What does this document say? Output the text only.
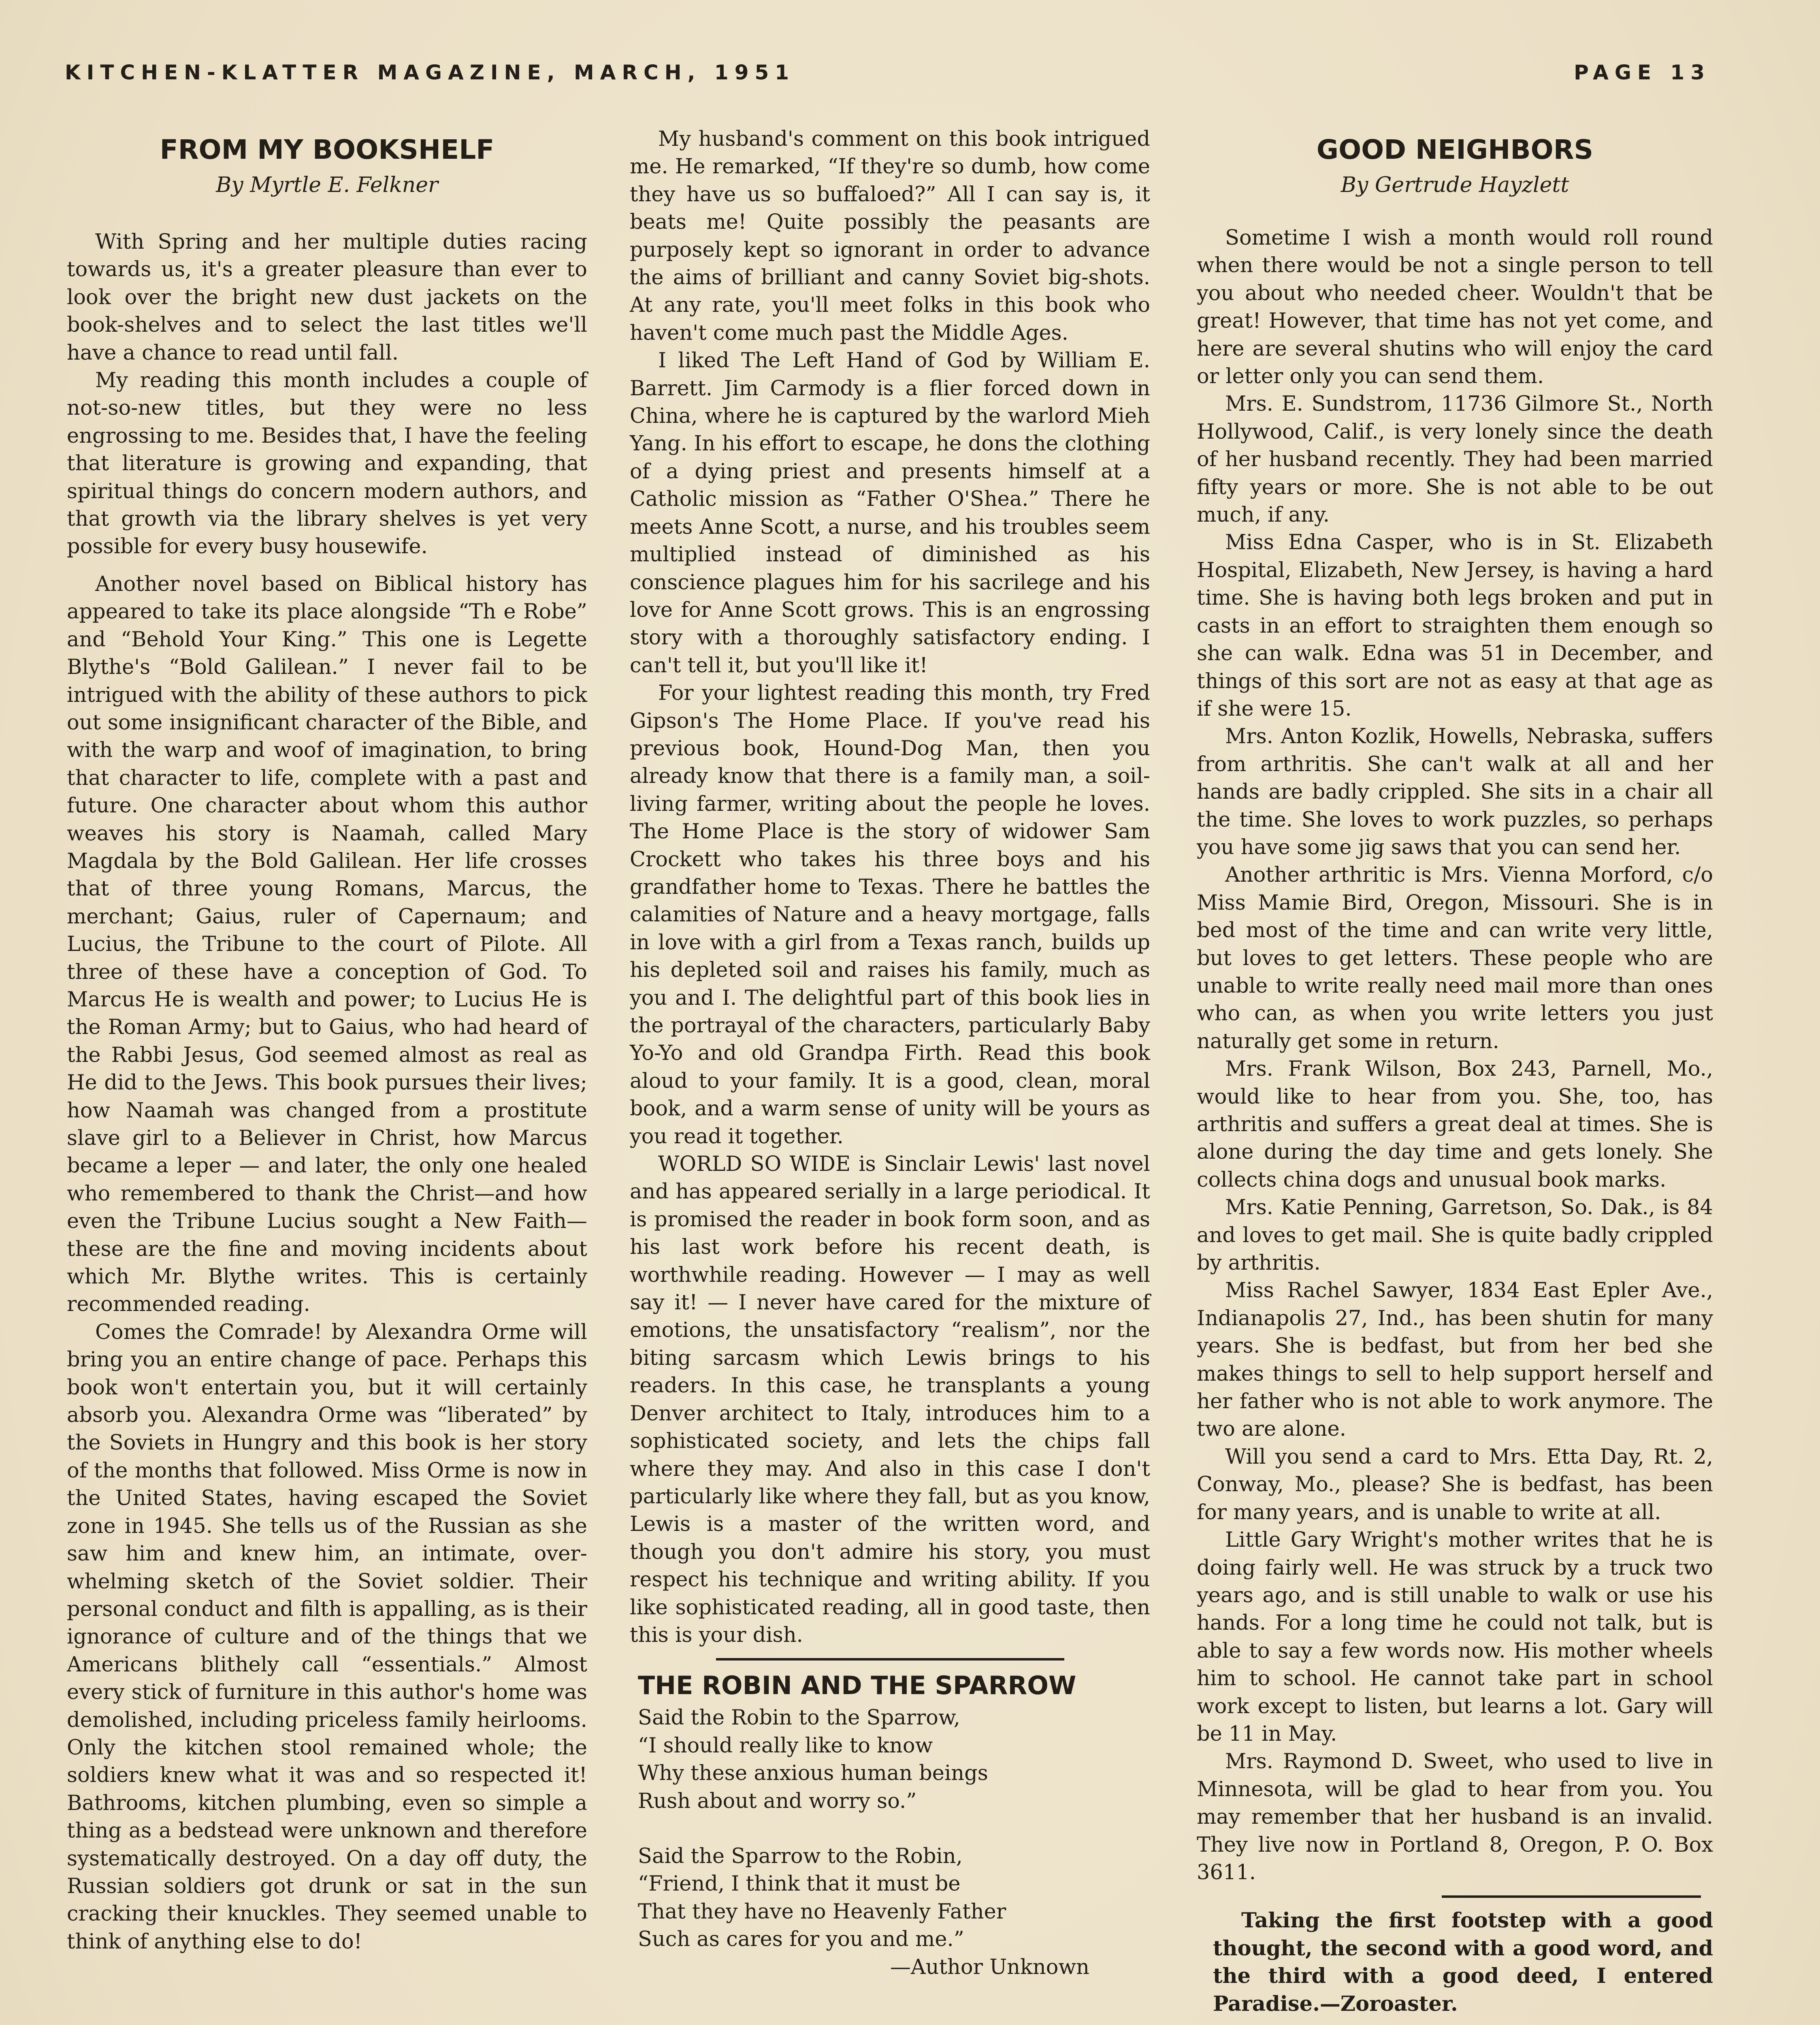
KITCHEN-KLATTER MAGAZINE, MARCH, 1951	PAGE 13
FROM MY BOOKSHELF
By Myrtle E. Felkner

With Spring and her multiple duties racing towards us, it's a greater pleasure than ever to look over the bright new dust jackets on the book-shelves and to select the last titles we'll have a chance to read until fall.

My reading this month includes a couple of not-so-new titles, but they were no less engrossing to me. Besides that, I have the feeling that literature is growing and expanding, that spiritual things do concern modern authors, and that growth via the library shelves is yet very possible for every busy housewife.

Another novel based on Biblical history has appeared to take its place alongside “Th e Robe” and “Behold Your King.” This one is Legette Blythe's “Bold Galilean.” I never fail to be intrigued with the ability of these authors to pick out some insignificant character of the Bible, and with the warp and woof of imagination, to bring that character to life, complete with a past and future. One character about whom this author weaves his story is Naamah, called Mary Magdala by the Bold Galilean. Her life crosses that of three young Romans, Marcus, the merchant; Gaius, ruler of Capernaum; and Lucius, the Tribune to the court of Pilote. All three of these have a conception of God. To Marcus He is wealth and power; to Lucius He is the Roman Army; but to Gaius, who had heard of the Rabbi Jesus, God seemed almost as real as He did to the Jews. This book pursues their lives; how Naamah was changed from a prostitute slave girl to a Believer in Christ, how Marcus became a leper — and later, the only one healed who remembered to thank the Christ—and how even the Tribune Lucius sought a New Faith—these are the fine and moving incidents about which Mr. Blythe writes. This is certainly recommended reading.

Comes the Comrade! by Alexandra Orme will bring you an entire change of pace. Perhaps this book won't entertain you, but it will certainly absorb you. Alexandra Orme was “liberated” by the Soviets in Hungry and this book is her story of the months that followed. Miss Orme is now in the United States, having escaped the Soviet zone in 1945. She tells us of the Russian as she saw him and knew him, an intimate, over-whelming sketch of the Soviet soldier. Their personal conduct and filth is appalling, as is their ignorance of culture and of the things that we Americans blithely call “essentials.” Almost every stick of furniture in this author's home was demolished, including priceless family heirlooms. Only the kitchen stool remained whole; the soldiers knew what it was and so respected it! Bathrooms, kitchen plumbing, even so simple a thing as a bedstead were unknown and therefore systematically destroyed. On a day off duty, the Russian soldiers got drunk or sat in the sun cracking their knuckles. They seemed unable to think of anything else to do!

My husband's comment on this book intrigued me. He remarked, “If they're so dumb, how come they have us so buffaloed?” All I can say is, it beats me! Quite possibly the peasants are purposely kept so ignorant in order to advance the aims of brilliant and canny Soviet big-shots. At any rate, you'll meet folks in this book who haven't come much past the Middle Ages.

I liked The Left Hand of God by William E. Barrett. Jim Carmody is a flier forced down in China, where he is captured by the warlord Mieh Yang. In his effort to escape, he dons the clothing of a dying priest and presents himself at a Catholic mission as “Father O'Shea.” There he meets Anne Scott, a nurse, and his troubles seem multiplied instead of diminished as his conscience plagues him for his sacrilege and his love for Anne Scott grows. This is an engrossing story with a thoroughly satisfactory ending. I can't tell it, but you'll like it!

For your lightest reading this month, try Fred Gipson's The Home Place. If you've read his previous book, Hound-Dog Man, then you already know that there is a family man, a soil-living farmer, writing about the people he loves. The Home Place is the story of widower Sam Crockett who takes his three boys and his grandfather home to Texas. There he battles the calamities of Nature and a heavy mortgage, falls in love with a girl from a Texas ranch, builds up his depleted soil and raises his family, much as you and I. The delightful part of this book lies in the portrayal of the characters, particularly Baby Yo-Yo and old Grandpa Firth. Read this book aloud to your family. It is a good, clean, moral book, and a warm sense of unity will be yours as you read it together.

WORLD SO WIDE is Sinclair Lewis' last novel and has appeared serially in a large periodical. It is promised the reader in book form soon, and as his last work before his recent death, is worthwhile reading. However — I may as well say it! — I never have cared for the mixture of emotions, the unsatisfactory “realism”, nor the biting sarcasm which Lewis brings to his readers. In this case, he transplants a young Denver architect to Italy, introduces him to a sophisticated society, and lets the chips fall where they may. And also in this case I don't particularly like where they fall, but as you know, Lewis is a master of the written word, and though you don't admire his story, you must respect his technique and writing ability. If you like sophisticated reading, all in good taste, then this is your dish.

THE ROBIN AND THE SPARROW
Said the Robin to the Sparrow,
“I should really like to know
Why these anxious human beings
Rush about and worry so.”
Said the Sparrow to the Robin,
“Friend, I think that it must be
That they have no Heavenly Father
Such as cares for you and me.”
—Author Unknown
GOOD NEIGHBORS
By Gertrude Hayzlett

Sometime I wish a month would roll round when there would be not a single person to tell you about who needed cheer. Wouldn't that be great! However, that time has not yet come, and here are several shutins who will enjoy the card or letter only you can send them.

Mrs. E. Sundstrom, 11736 Gilmore St., North Hollywood, Calif., is very lonely since the death of her husband recently. They had been married fifty years or more. She is not able to be out much, if any.

Miss Edna Casper, who is in St. Elizabeth Hospital, Elizabeth, New Jersey, is having a hard time. She is having both legs broken and put in casts in an effort to straighten them enough so she can walk. Edna was 51 in December, and things of this sort are not as easy at that age as if she were 15.

Mrs. Anton Kozlik, Howells, Nebraska, suffers from arthritis. She can't walk at all and her hands are badly crippled. She sits in a chair all the time. She loves to work puzzles, so perhaps you have some jig saws that you can send her.

Another arthritic is Mrs. Vienna Morford, c/o Miss Mamie Bird, Oregon, Missouri. She is in bed most of the time and can write very little, but loves to get letters. These people who are unable to write really need mail more than ones who can, as when you write letters you just naturally get some in return.

Mrs. Frank Wilson, Box 243, Parnell, Mo., would like to hear from you. She, too, has arthritis and suffers a great deal at times. She is alone during the day time and gets lonely. She collects china dogs and unusual book marks.

Mrs. Katie Penning, Garretson, So. Dak., is 84 and loves to get mail. She is quite badly crippled by arthritis.

Miss Rachel Sawyer, 1834 East Epler Ave., Indianapolis 27, Ind., has been shutin for many years. She is bedfast, but from her bed she makes things to sell to help support herself and her father who is not able to work anymore. The two are alone.

Will you send a card to Mrs. Etta Day, Rt. 2, Conway, Mo., please? She is bedfast, has been for many years, and is unable to write at all.

Little Gary Wright's mother writes that he is doing fairly well. He was struck by a truck two years ago, and is still unable to walk or use his hands. For a long time he could not talk, but is able to say a few words now. His mother wheels him to school. He cannot take part in school work except to listen, but learns a lot. Gary will be 11 in May.

Mrs. Raymond D. Sweet, who used to live in Minnesota, will be glad to hear from you. You may remember that her husband is an invalid. They live now in Portland 8, Oregon, P. O. Box 3611.

Taking the first footstep with a good thought, the second with a good word, and the third with a good deed, I entered Paradise.—Zoroaster.
